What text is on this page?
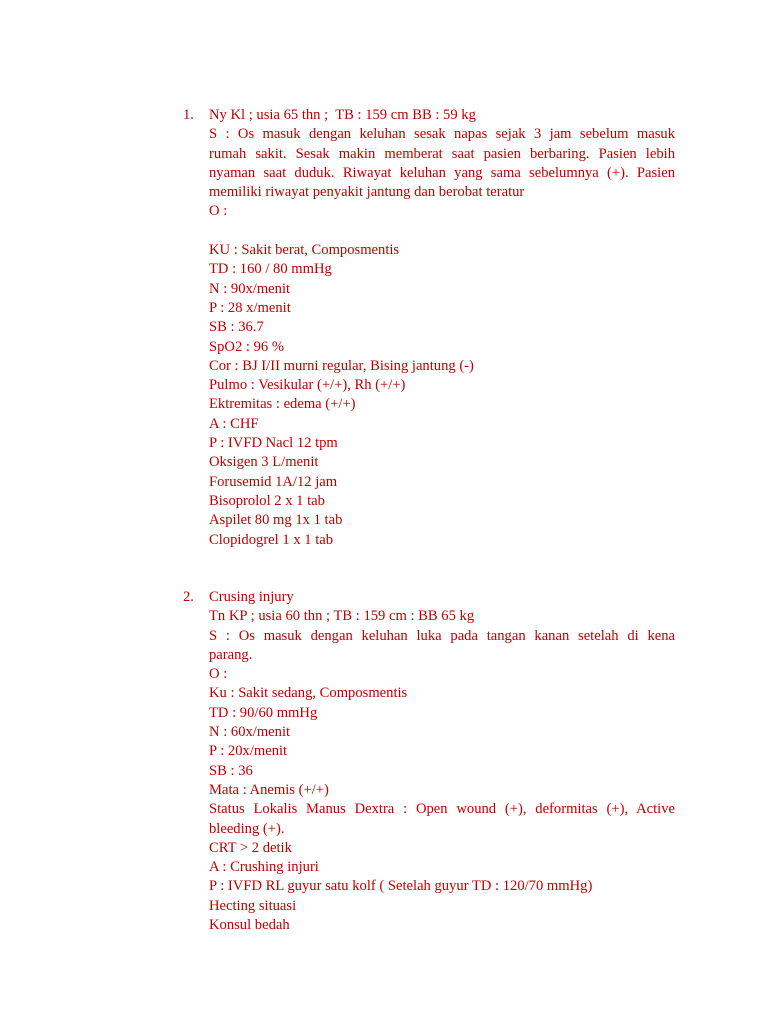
1. Ny Kl ; usia 65 thn ;  TB : 159 cm BB : 59 kg
S : Os masuk dengan keluhan sesak napas sejak 3 jam sebelum masuk
rumah sakit. Sesak makin memberat saat pasien berbaring. Pasien lebih
nyaman saat duduk. Riwayat keluhan yang sama sebelumnya (+). Pasien
memiliki riwayat penyakit jantung dan berobat teratur
O :
KU : Sakit berat, Composmentis
TD : 160 / 80 mmHg
N : 90x/menit
P : 28 x/menit
SB : 36.7
SpO2 : 96 %
Cor : BJ I/II murni regular, Bising jantung (-)
Pulmo : Vesikular (+/+), Rh (+/+)
Ektremitas : edema (+/+)
A : CHF
P : IVFD Nacl 12 tpm
Oksigen 3 L/menit
Forusemid 1A/12 jam
Bisoprolol 2 x 1 tab
Aspilet 80 mg 1x 1 tab
Clopidogrel 1 x 1 tab
2. Crusing injury
Tn KP ; usia 60 thn ; TB : 159 cm : BB 65 kg
S : Os masuk dengan keluhan luka pada tangan kanan setelah di kena
parang.
O :
Ku : Sakit sedang, Composmentis
TD : 90/60 mmHg
N : 60x/menit
P : 20x/menit
SB : 36
Mata : Anemis (+/+)
Status Lokalis Manus Dextra : Open wound (+), deformitas (+), Active
bleeding (+).
CRT > 2 detik
A : Crushing injuri
P : IVFD RL guyur satu kolf ( Setelah guyur TD : 120/70 mmHg)
Hecting situasi
Konsul bedah
